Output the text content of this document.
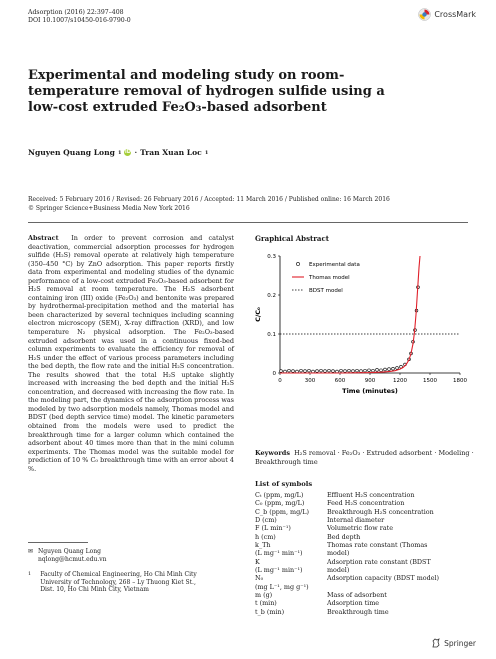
Adsorption (2016) 22:397–408
DOI 10.1007/s10450-016-9790-0
CrossMark
Experimental and modeling study on room-temperature removal of hydrogen sulfide using a low-cost extruded Fe₂O₃-based adsorbent
Nguyen Quang Long 1 iD · Tran Xuan Loc 1
Received: 5 February 2016 / Revised: 26 February 2016 / Accepted: 11 March 2016 / Published online: 16 March 2016
© Springer Science+Business Media New York 2016
Abstract In order to prevent corrosion and catalyst deactivation, commercial adsorption processes for hydrogen sulfide (H₂S) removal operate at relatively high temperature (350–450 °C) by ZnO adsorption. This paper reports firstly data from experimental and modeling studies of the dynamic performance of a low-cost extruded Fe₂O₃-based adsorbent for H₂S removal at room temperature. The H₂S adsorbent containing iron (III) oxide (Fe₂O₃) and bentonite was prepared by hydrothermal-precipitation method and the material has been characterized by several techniques including scanning electron microscopy (SEM), X-ray diffraction (XRD), and low temperature N₂ physical adsorption. The Fe₂O₃-based extruded adsorbent was used in a continuous fixed-bed column experiments to evaluate the efficiency for removal of H₂S under the effect of various process parameters including the bed depth, the flow rate and the initial H₂S concentration. The results showed that the total H₂S uptake slightly increased with increasing the bed depth and the initial H₂S concentration, and decreased with increasing the flow rate. In the modeling part, the dynamics of the adsorption process was modeled by two adsorption models namely, Thomas model and BDST (bed depth service time) model. The kinetic parameters obtained from the models were used to predict the breakthrough time for a larger column which contained the adsorbent about 40 times more than that in the mini column experiments. The Thomas model was the suitable model for prediction of 10 % C₀ breakthrough time with an error about 4 %.
Graphical Abstract
0	300	600	900	1200	1500	1800
0
0.1
0.2
0.3
Time (minutes)
C/C₀
Experimental data
Thomas model
BDST model
Keywords H₂S removal · Fe₂O₃ · Extruded adsorbent · Modeling · Breakthrough time
List of symbols
Cₜ (ppm, mg/L)	Effluent H₂S concentration
C₀ (ppm, mg/L)	Feed H₂S concentration
C_b (ppm, mg/L)	Breakthrough H₂S concentration
D (cm)	Internal diameter
F (L min⁻¹)	Volumetric flow rate
h (cm)	Bed depth
k_Th	Thomas rate constant (Thomas
(L mg⁻¹ min⁻¹)	model)
K	Adsorption rate constant (BDST
(L mg⁻¹ min⁻¹)	model)
N₀	Adsorption capacity (BDST model)
(mg L⁻¹, mg g⁻¹)
m (g)	Mass of adsorbent
t (min)	Adsorption time
t_b (min)	Breakthrough time
✉ Nguyen Quang Long
nqlong@hcmut.edu.vn
1 Faculty of Chemical Engineering, Ho Chi Minh City
University of Technology, 268 – Ly Thuong Kiet St.,
Dist. 10, Ho Chi Minh City, Vietnam
Springer
